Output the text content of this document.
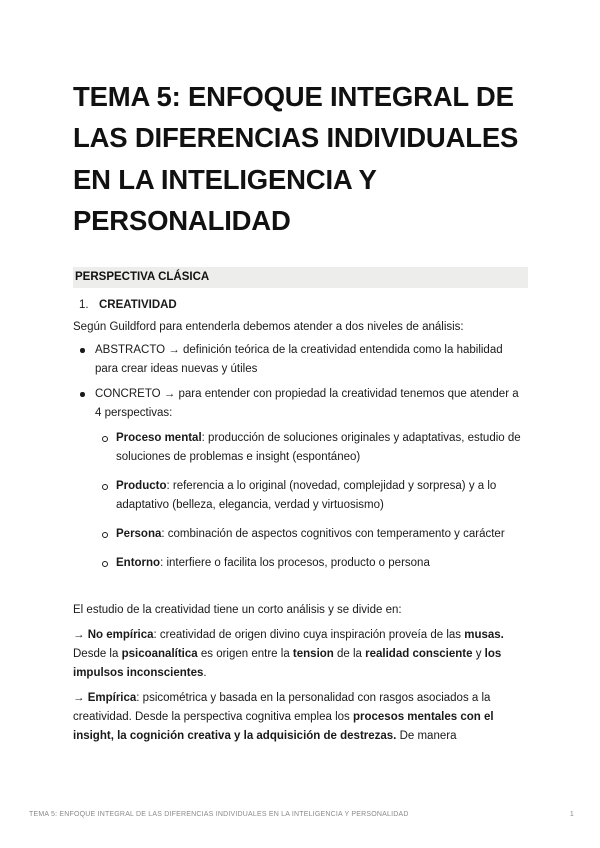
TEMA 5: ENFOQUE INTEGRAL DE LAS DIFERENCIAS INDIVIDUALES EN LA INTELIGENCIA Y PERSONALIDAD
PERSPECTIVA CLÁSICA
1. CREATIVIDAD

Según Guildford para entenderla debemos atender a dos niveles de análisis:

ABSTRACTO → definición teórica de la creatividad entendida como la habilidad para crear ideas nuevas y útiles
CONCRETO → para entender con propiedad la creatividad tenemos que atender a 4 perspectivas:
Proceso mental: producción de soluciones originales y adaptativas, estudio de soluciones de problemas e insight (espontáneo)
Producto: referencia a lo original (novedad, complejidad y sorpresa) y a lo adaptativo (belleza, elegancia, verdad y virtuosismo)
Persona: combinación de aspectos cognitivos con temperamento y carácter
Entorno: interfiere o facilita los procesos, producto o persona

El estudio de la creatividad tiene un corto análisis y se divide en:

→ No empírica: creatividad de origen divino cuya inspiración proveía de las musas. Desde la psicoanalítica es origen entre la tension de la realidad consciente y los impulsos inconscientes.

→ Empírica: psicométrica y basada en la personalidad con rasgos asociados a la creatividad. Desde la perspectiva cognitiva emplea los procesos mentales con el insight, la cognición creativa y la adquisición de destrezas. De manera

TEMA 5: ENFOQUE INTEGRAL DE LAS DIFERENCIAS INDIVIDUALES EN LA INTELIGENCIA Y PERSONALIDAD	1
